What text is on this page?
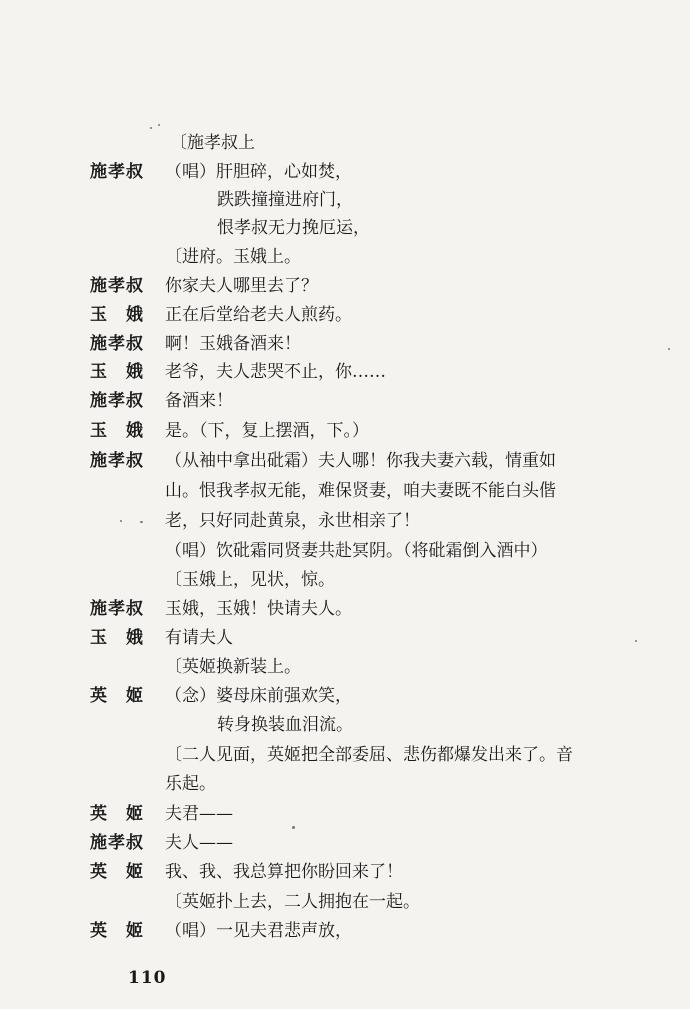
〔施孝叔上
施孝叔 （唱）肝胆碎，心如焚，
跌跌撞撞进府门，
恨孝叔无力挽厄运，
〔进府。玉娥上。
施孝叔 你家夫人哪里去了？
玉　娥 正在后堂给老夫人煎药。
施孝叔 啊！玉娥备酒来！
玉　娥 老爷，夫人悲哭不止，你……
施孝叔 备酒来！
玉　娥 是。（下，复上摆酒，下。）
施孝叔 （从袖中拿出砒霜）夫人哪！你我夫妻六载，情重如
山。恨我孝叔无能，难保贤妻，咱夫妻既不能白头偕
老，只好同赴黄泉，永世相亲了！
（唱）饮砒霜同贤妻共赴冥阴。（将砒霜倒入酒中）
〔玉娥上，见状，惊。
施孝叔 玉娥，玉娥！快请夫人。
玉　娥 有请夫人
〔英姬换新装上。
英　姬 （念）婆母床前强欢笑，
转身换装血泪流。
〔二人见面，英姬把全部委屈、悲伤都爆发出来了。音
乐起。
英　姬 夫君——
施孝叔 夫人——
英　姬 我、我、我总算把你盼回来了！
〔英姬扑上去，二人拥抱在一起。
英　姬 （唱）一见夫君悲声放，
110
